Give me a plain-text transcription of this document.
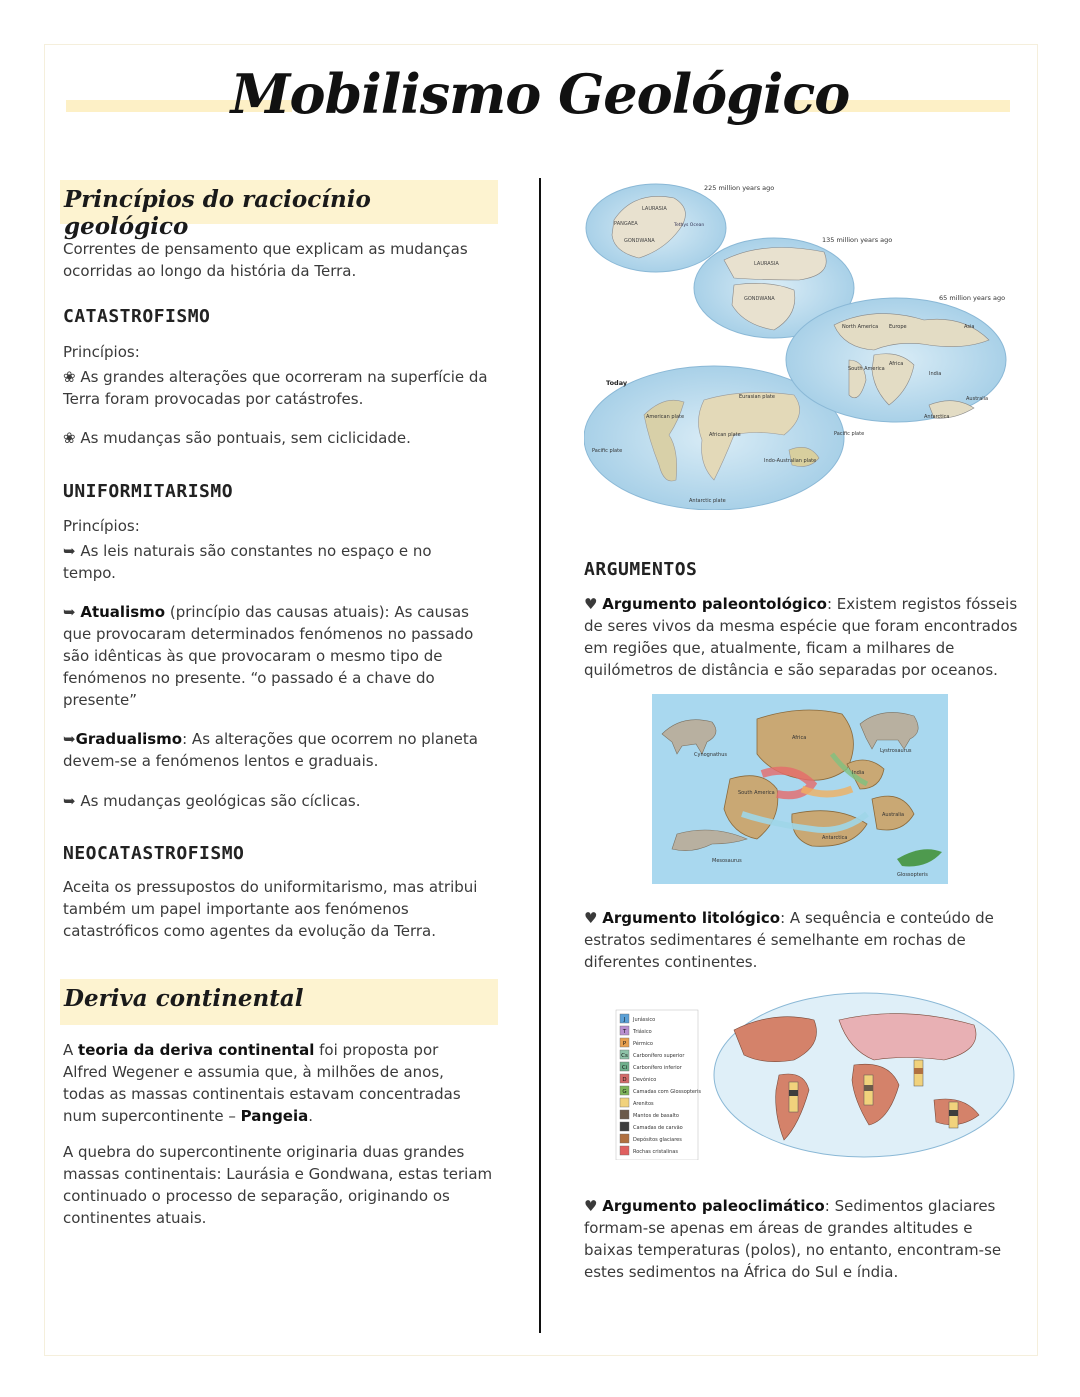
Mobilismo Geológico
Princípios do raciocínio geológico
Correntes de pensamento que explicam as mudanças ocorridas ao longo da história da Terra.
CATASTROFISMO
Princípios:
❀ As grandes alterações que ocorreram na superfície da Terra foram provocadas por catástrofes.
❀ As mudanças são pontuais, sem ciclicidade.
UNIFORMITARISMO
Princípios:
➥ As leis naturais são constantes no espaço e no tempo.
➥ Atualismo (princípio das causas atuais): As causas que provocaram determinados fenómenos no passado são idênticas às que provocaram o mesmo tipo de fenómenos no presente. “o passado é a chave do presente”
➥Gradualismo: As alterações que ocorrem no planeta devem-se a fenómenos lentos e graduais.
➥ As mudanças geológicas são cíclicas.
NEOCATASTROFISMO
Aceita os pressupostos do uniformitarismo, mas atribui também um papel importante aos fenómenos catastróficos como agentes da evolução da Terra.
Deriva continental
A teoria da deriva continental foi proposta por Alfred Wegener e assumia que, à milhões de anos, todas as massas continentais estavam concentradas num supercontinente – Pangeia.
A quebra do supercontinente originaria duas grandes massas continentais: Laurásia e Gondwana, estas teriam continuado o processo de separação, originando os continentes atuais.
225 million years ago
LAURASIA
PANGAEA	Tethys Ocean
GONDWANA
Today
American plate
Eurasian plate
African plate
Pacific plate
Indo-Australian plate
Pacific plate
Antarctic plate
135 million years ago
LAURASIA
GONDWANA	65 million years ago
North America Europe	Asia
Africa
South America
India
Australia
Antarctica
ARGUMENTOS
♥ Argumento paleontológico: Existem registos fósseis de seres vivos da mesma espécie que foram encontrados em regiões que, atualmente, ficam a milhares de quilómetros de distância e são separadas por oceanos.
Africa
India
South America
Australia
Antarctica
Cynognathus
Lystrosaurus
Mesosaurus
Glossopteris
♥ Argumento litológico: A sequência e conteúdo de estratos sedimentares é semelhante em rochas de diferentes continentes.
J Jurássico
T Triásico
P Pérmico
Cs Carbonífero superior
Ci Carbonífero inferior
D Devónico
G Camadas com Glossopteris
Arenitos
Mantos de basalto
Camadas de carvão
Depósitos glaciares
Rochas cristalinas
♥ Argumento paleoclimático: Sedimentos glaciares formam-se apenas em áreas de grandes altitudes e baixas temperaturas (polos), no entanto, encontram-se estes sedimentos na África do Sul e índia.
